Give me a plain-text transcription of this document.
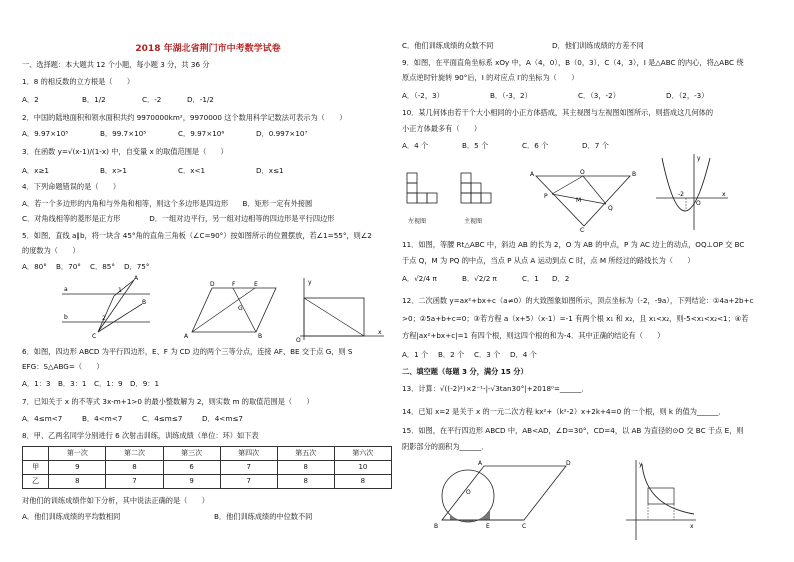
2018 年湖北省荆门市中考数学试卷
一、选择题：本大题共 12 个小题，每小题 3 分，共 36 分
1．8 的相反数的立方根是（　　）
A．2	B．1/2	C．-2	D．-1/2
2．中国的陆地面积和领水面积共约 9970000km²，9970000 这个数用科学记数法可表示为（　　）
A．9.97×10⁵	B．99.7×10⁵	C．9.97×10⁶	D．0.997×10⁷
3．在函数 y=√(x-1)/(1-x) 中，自变量 x 的取值范围是（　　）
A．x≥1	B．x>1	C．x<1	D．x≤1
4．下列命题错误的是（　　）
A．若一个多边形的内角和与外角和相等，则这个多边形是四边形　　B．矩形一定有外接圆
C．对角线相等的菱形是正方形　　　　D．一组对边平行，另一组对边相等的四边形是平行四边形
5．如图，直线 a∥b，将一块含 45°角的直角三角板（∠C=90°）按如图所示的位置摆放，若∠1=55°，则∠2
的度数为（　　）
A．80° B．70° C．85° D．75°
a
b
A
B
C
1
2
D	F	E
G
A	B
y
x
O
6．如图，四边形 ABCD 为平行四边形，E、F 为 CD 边的两个三等分点，连接 AF、BE 交于点 G，则 S
EFG：S△ABG=（　　）
A．1：3 B．3：1 C．1：9 D．9：1
7．已知关于 x 的不等式 3x-m+1>0 的最小整数解为 2，则实数 m 的取值范围是（　　）
A．4≤m<7	B．4<m<7	C．4≤m≤7	D．4<m≤7
8．甲、乙两名同学分别进行 6 次射击训练，训练成绩（单位：环）如下表
	第一次	第二次	第三次	第四次	第五次	第六次
甲	9	8	6	7	8	10
乙	8	7	9	7	8	8
对他们的训练成绩作如下分析，其中说法正确的是（　　）
A．他们训练成绩的平均数相同	B．他们训练成绩的中位数不同
C．他们训练成绩的众数不同	D．他们训练成绩的方差不同
9．如图，在平面直角坐标系 xOy 中，A（4，0），B（0，3），C（4，3），I 是△ABC 的内心，将△ABC 绕
原点逆时针旋转 90°后，I 的对应点 I′的坐标为（　　）
A．（-2，3）	B．（-3，2）	C．（3，-2）	D．（2，-3）
10．某几何体由若干个大小相同的小正方体搭成，其主视图与左视图如图所示，则搭成这几何体的
小正方体最多有（　　）
A．4 个	B．5 个	C．6 个	D．7 个
左视图	主视图
A	B
C
P
M
O
Q
y
x
-2
O
11．如图，等腰 Rt△ABC 中，斜边 AB 的长为 2，O 为 AB 的中点，P 为 AC 边上的动点，OQ⊥OP 交 BC
于点 Q，M 为 PQ 的中点，当点 P 从点 A 运动到点 C 时，点 M 所经过的路线长为（　　）
A．√2/4 π	B．√2/2 π	C．1 D．2
12．二次函数 y=ax²+bx+c（a≠0）的大致图象如图所示，顶点坐标为（-2，-9a），下列结论：①4a+2b+c
>0；②5a+b+c=0；③若方程 a（x+5）（x-1）=-1 有两个根 x₁ 和 x₂，且 x₁<x₂，则-5<x₁<x₂<1；④若
方程|ax²+bx+c|=1 有四个根，则这四个根的和为-4．其中正确的结论有（　　）
A．1 个 B．2 个 C．3 个 D．4 个
二、填空题（每题 3 分，满分 15 分）
13．计算：√((-2)²)×2⁻¹-|-√3tan30°|+2018⁰=______．
14．已知 x=2 是关于 x 的一元二次方程 kx²+（k²-2）x+2k+4=0 的一个根，则 k 的值为______．
15．如图，在平行四边形 ABCD 中，AB<AD，∠D=30°，CD=4，以 AB 为直径的⊙O 交 BC 于点 E，则
阴影部分的面积为______．
A	D
O
B	E	C
y
x
